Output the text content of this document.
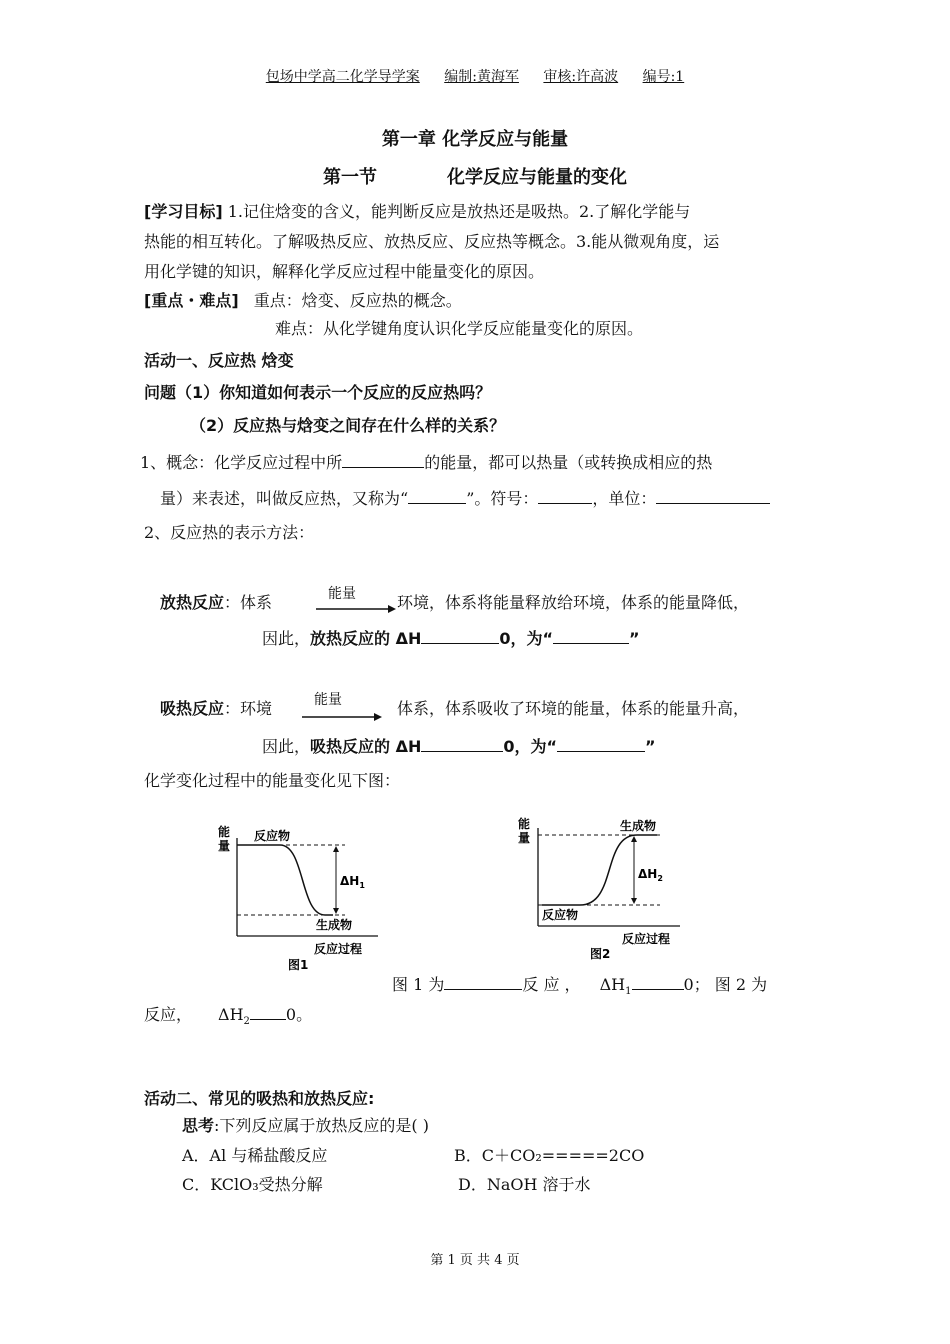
包场中学高二化学导学案 编制:黄海军 审核:许高波 编号:1
第一章 化学反应与能量
第一节	化学反应与能量的变化
[学习目标] 1.记住焓变的含义，能判断反应是放热还是吸热。2.了解化学能与
热能的相互转化。了解吸热反应、放热反应、反应热等概念。3.能从微观角度，运
用化学键的知识，解释化学反应过程中能量变化的原因。
[重点・难点] 重点：焓变、反应热的概念。
难点：从化学键角度认识化学反应能量变化的原因。
活动一、反应热 焓变
问题（1）你知道如何表示一个反应的反应热吗？
（2）反应热与焓变之间存在什么样的关系？
1、概念：化学反应过程中所	的能量，都可以热量（或转换成相应的热
量）来表述，叫做反应热，又称为“	”。符号：	，单位：
2、反应热的表示方法：
放热反应：体系	能量	环境，体系将能量释放给环境，体系的能量降低，
因此，放热反应的 ΔH	0，为“	”
吸热反应：环境	能量	体系，体系吸收了环境的能量，体系的能量升高，
因此，吸热反应的 ΔH	0，为“	”
化学变化过程中的能量变化见下图：
能
量
反应物
$\Delta H_1$
生成物
反应过程
图1
能
量
生成物
$\Delta H_2$
反应物
反应过程
图2
图 1 为	反 应 ， $\Delta H_1$	0； 图 2 为
反应， $\Delta H_2$ 0。
活动二、常见的吸热和放热反应:
思考:下列反应属于放热反应的是( )
A．Al 与稀盐酸反应	B．C＋CO₂=====2CO
C．KClO₃受热分解	D．NaOH 溶于水
第 1 页 共 4 页
